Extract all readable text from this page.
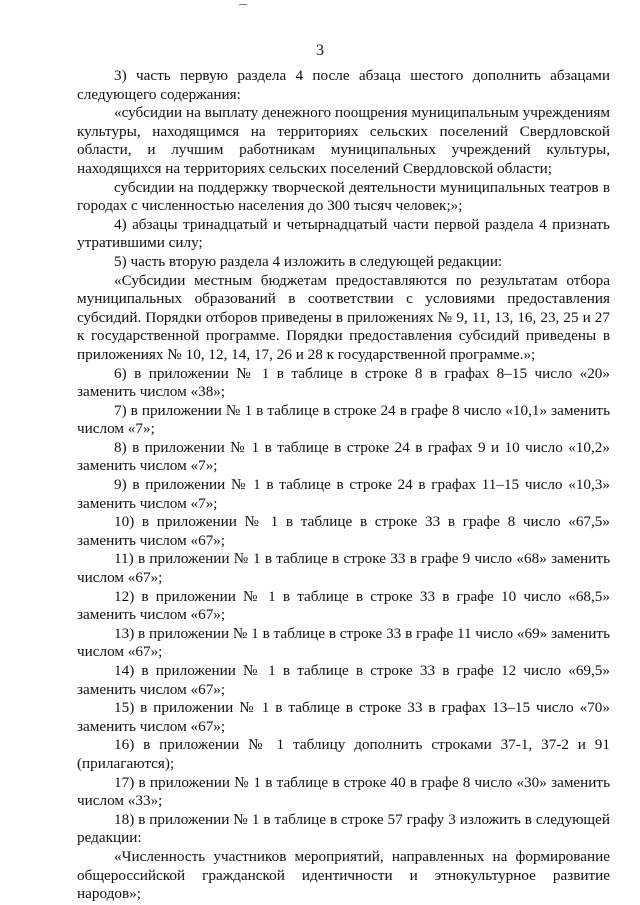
3

3) часть первую раздела 4 после абзаца шестого дополнить абзацами следующего содержания:

«субсидии на выплату денежного поощрения муниципальным учреждениям культуры, находящимся на территориях сельских поселений Свердловской области, и лучшим работникам муниципальных учреждений культуры, находящихся на территориях сельских поселений Свердловской области;

субсидии на поддержку творческой деятельности муниципальных театров в городах с численностью населения до 300 тысяч человек;»;

4) абзацы тринадцатый и четырнадцатый части первой раздела 4 признать утратившими силу;

5) часть вторую раздела 4 изложить в следующей редакции:

«Субсидии местным бюджетам предоставляются по результатам отбора муниципальных образований в соответствии с условиями предоставления субсидий. Порядки отборов приведены в приложениях № 9, 11, 13, 16, 23, 25 и 27 к государственной программе. Порядки предоставления субсидий приведены в приложениях № 10, 12, 14, 17, 26 и 28 к государственной программе.»;

6) в приложении № 1 в таблице в строке 8 в графах 8–15 число «20» заменить числом «38»;

7) в приложении № 1 в таблице в строке 24 в графе 8 число «10,1» заменить числом «7»;

8) в приложении № 1 в таблице в строке 24 в графах 9 и 10 число «10,2» заменить числом «7»;

9) в приложении № 1 в таблице в строке 24 в графах 11–15 число «10,3» заменить числом «7»;

10) в приложении № 1 в таблице в строке 33 в графе 8 число «67,5» заменить числом «67»;

11) в приложении № 1 в таблице в строке 33 в графе 9 число «68» заменить числом «67»;

12) в приложении № 1 в таблице в строке 33 в графе 10 число «68,5» заменить числом «67»;

13) в приложении № 1 в таблице в строке 33 в графе 11 число «69» заменить числом «67»;

14) в приложении № 1 в таблице в строке 33 в графе 12 число «69,5» заменить числом «67»;

15) в приложении № 1 в таблице в строке 33 в графах 13–15 число «70» заменить числом «67»;

16) в приложении № 1 таблицу дополнить строками 37-1, 37-2 и 91 (прилагаются);

17) в приложении № 1 в таблице в строке 40 в графе 8 число «30» заменить числом «33»;

18) в приложении № 1 в таблице в строке 57 графу 3 изложить в следующей редакции:

«Численность участников мероприятий, направленных на формирование общероссийской гражданской идентичности и этнокультурное развитие народов»;
